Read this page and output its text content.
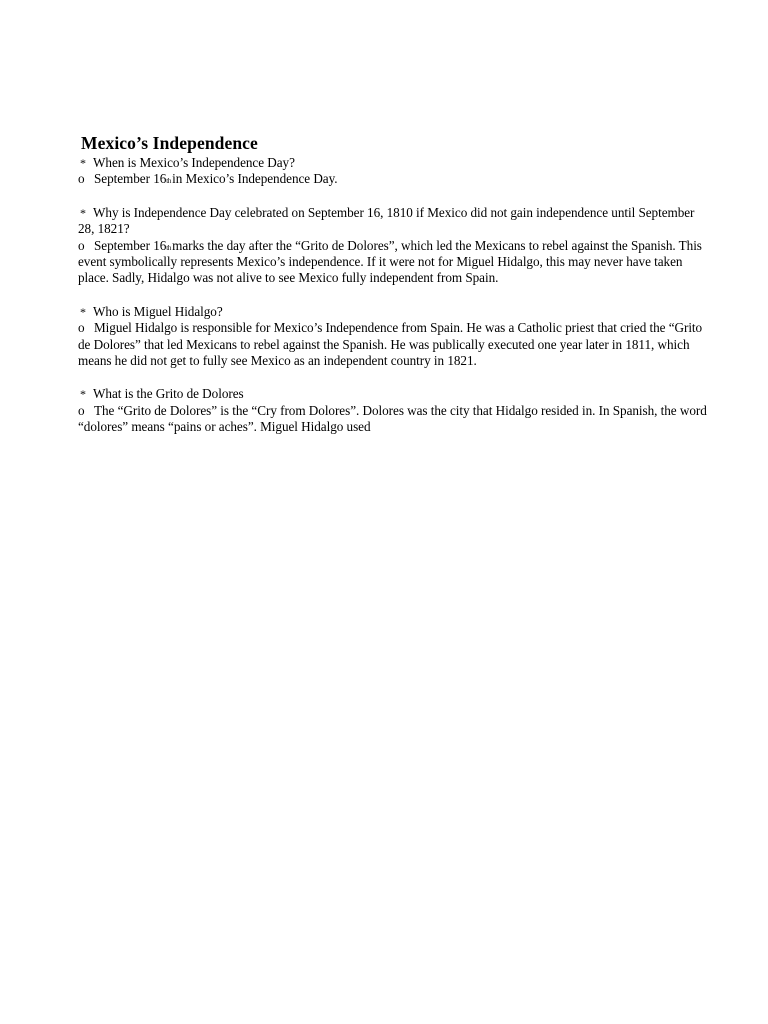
Mexico’s Independence

* When is Mexico’s Independence Day?

o September 16thin Mexico’s Independence Day.

* Why is Independence Day celebrated on September 16, 1810 if Mexico did not gain independence until September 28, 1821?

o September 16thmarks the day after the “Grito de Dolores”, which led the Mexicans to rebel against the Spanish. This event symbolically represents Mexico’s independence. If it were not for Miguel Hidalgo, this may never have taken place. Sadly, Hidalgo was not alive to see Mexico fully independent from Spain.

* Who is Miguel Hidalgo?

o Miguel Hidalgo is responsible for Mexico’s Independence from Spain. He was a Catholic priest that cried the “Grito de Dolores” that led Mexicans to rebel against the Spanish. He was publically executed one year later in 1811, which means he did not get to fully see Mexico as an independent country in 1821.

* What is the Grito de Dolores

o The “Grito de Dolores” is the “Cry from Dolores”. Dolores was the city that Hidalgo resided in. In Spanish, the word “dolores” means “pains or aches”. Miguel Hidalgo used
